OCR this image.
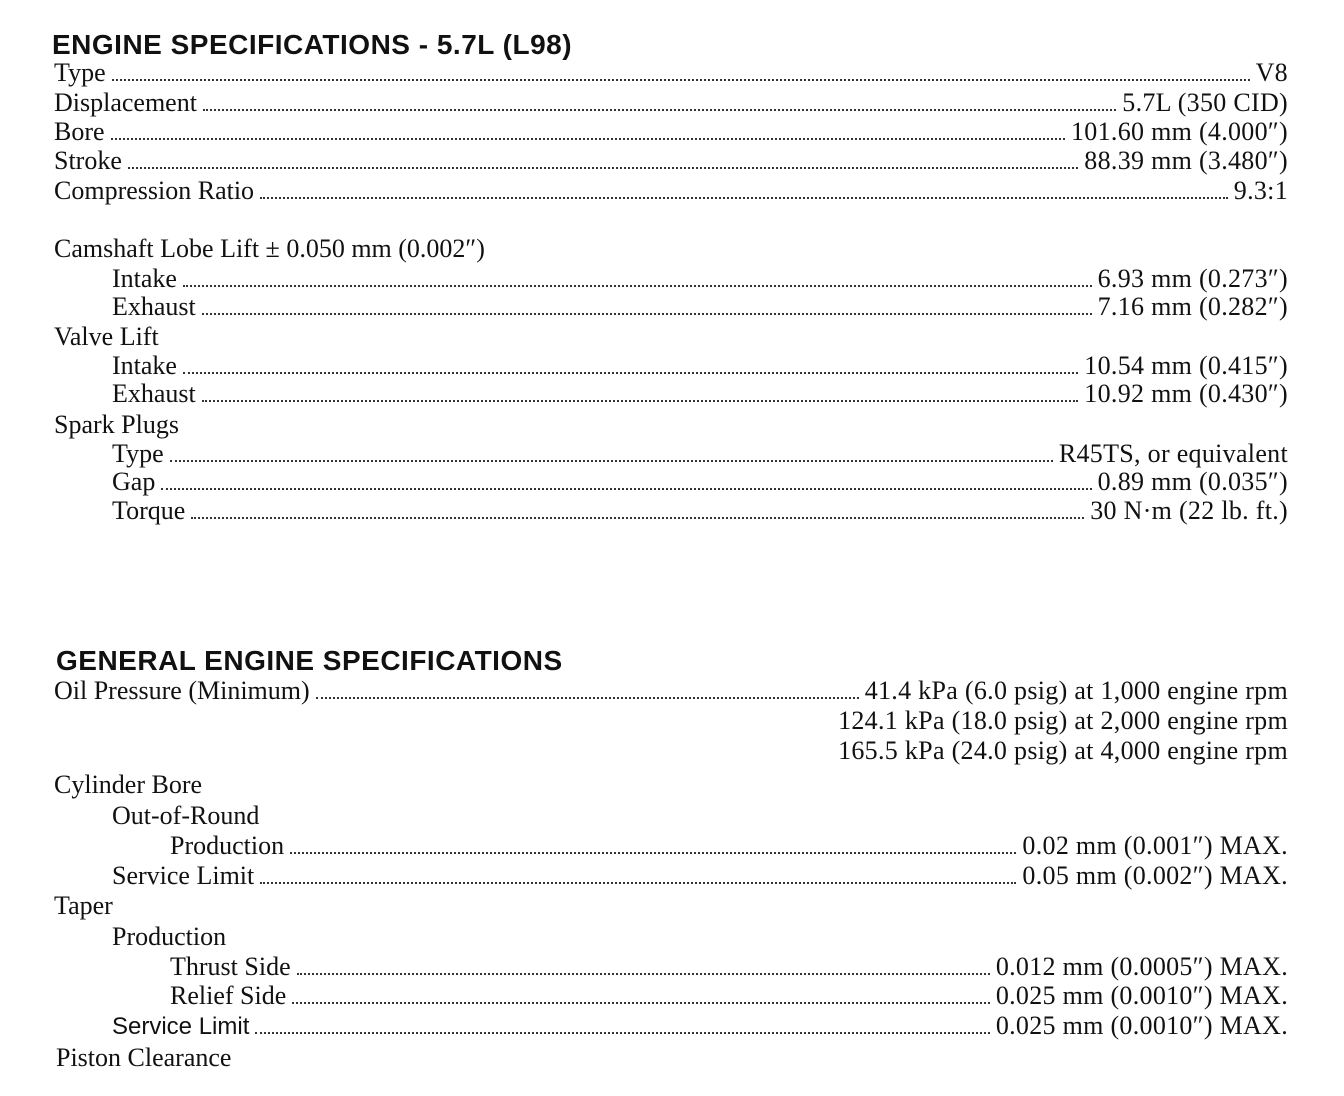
ENGINE SPECIFICATIONS - 5.7L (L98)
Type	V8
Displacement	5.7L (350 CID)
Bore	101.60 mm (4.000″)
Stroke	88.39 mm (3.480″)
Compression Ratio	9.3:1
Camshaft Lobe Lift ± 0.050 mm (0.002″)
Intake	6.93 mm (0.273″)
Exhaust	7.16 mm (0.282″)
Valve Lift
Intake	10.54 mm (0.415″)
Exhaust	10.92 mm (0.430″)
Spark Plugs
Type	R45TS, or equivalent
Gap	0.89 mm (0.035″)
Torque	30 N·m (22 lb. ft.)
GENERAL ENGINE SPECIFICATIONS
Oil Pressure (Minimum)	41.4 kPa (6.0 psig) at 1,000 engine rpm
124.1 kPa (18.0 psig) at 2,000 engine rpm
165.5 kPa (24.0 psig) at 4,000 engine rpm
Cylinder Bore
Out-of-Round
Production	0.02 mm (0.001″) MAX.
Service Limit	0.05 mm (0.002″) MAX.
Taper
Production
Thrust Side	0.012 mm (0.0005″) MAX.
Relief Side	0.025 mm (0.0010″) MAX.
Service Limit	0.025 mm (0.0010″) MAX.
Piston Clearance
